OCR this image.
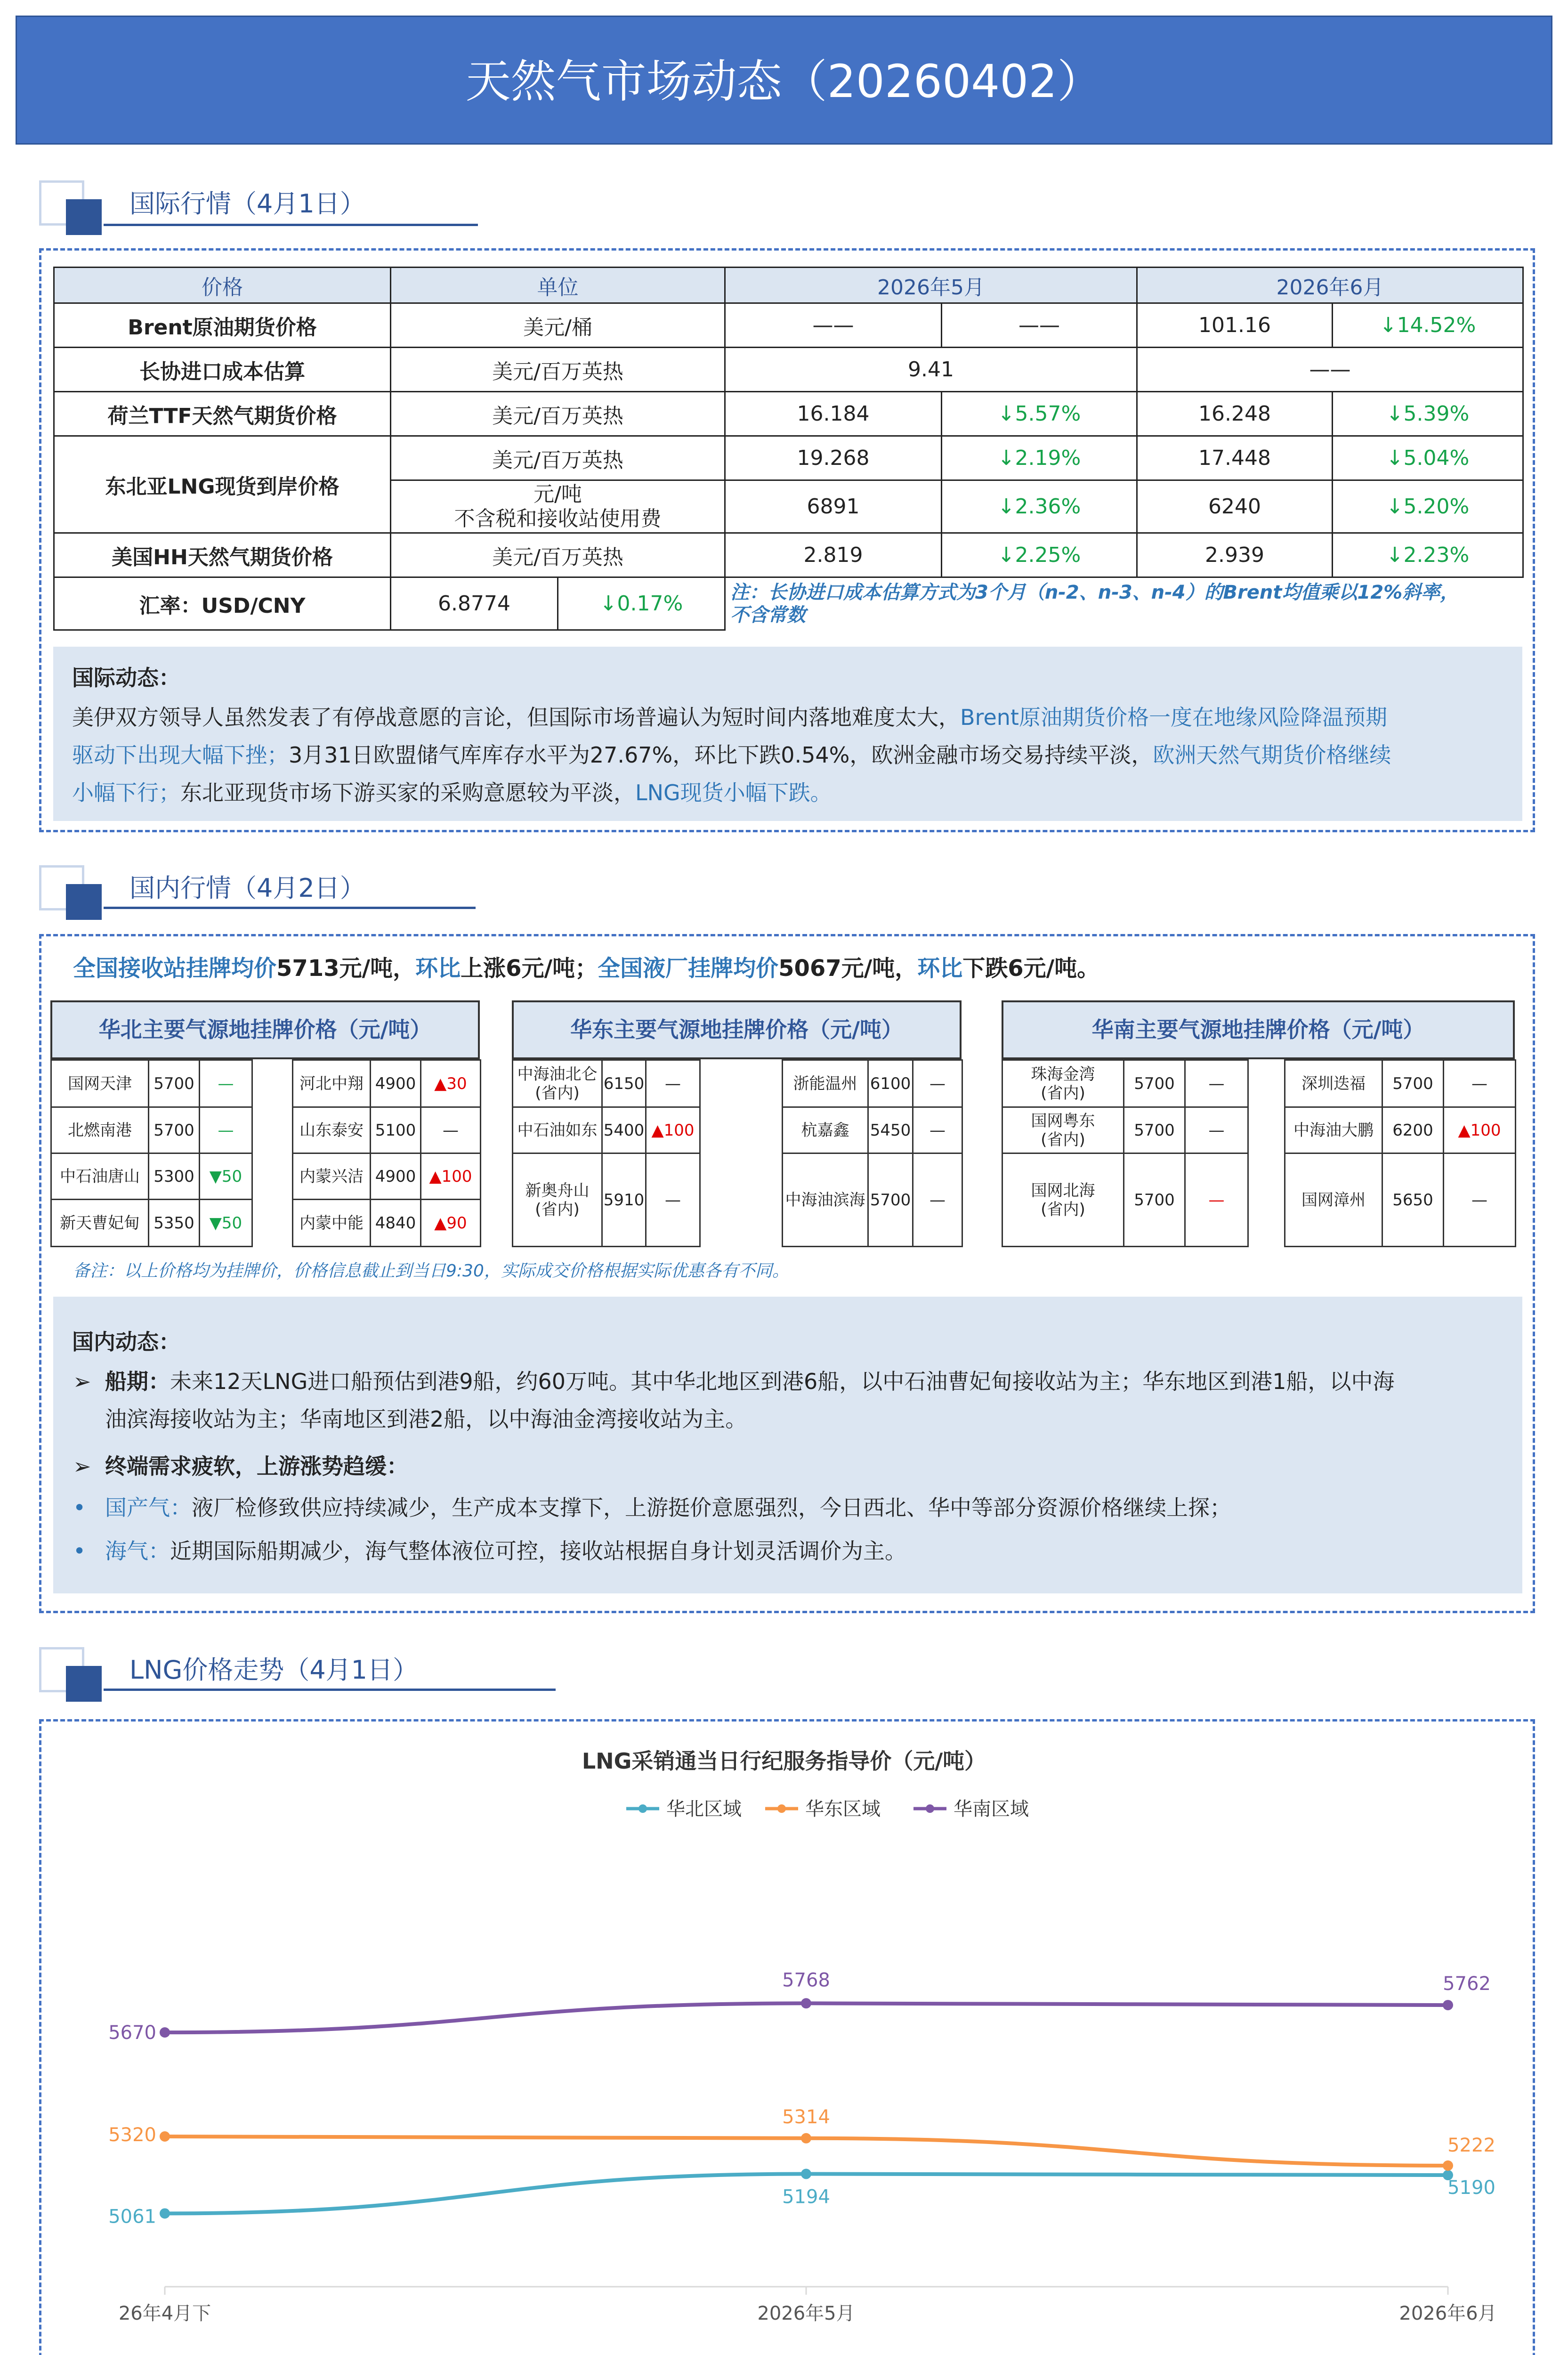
天然气市场动态（20260402）
国际行情（4月1日）
价格	单位		2026年5月		2026年6月	
Brent原油期货价格	美元/桶		——	——	101.16	↓14.52%
长协进口成本估算	美元/百万英热		9.41		——	
荷兰TTF天然气期货价格	美元/百万英热		16.184	↓5.57%	16.248	↓5.39%
东北亚LNG现货到岸价格	美元/百万英热		19.268	↓2.19%	17.448	↓5.04%

	元/吨
不含税和接收站使用费		6891	↓2.36%	6240	↓5.20%
美国HH天然气期货价格	美元/百万英热		2.819	↓2.25%	2.939	↓2.23%
汇率：USD/CNY	6.8774	↓0.17%	注：长协进口成本估算方式为3个月（n-2、n-3、n-4）的Brent均值乘以12%斜率，
不含常数			
国际动态：

美伊双方领导人虽然发表了有停战意愿的言论，但国际市场普遍认为短时间内落地难度太大，Brent原油期货价格一度在地缘风险降温预期

驱动下出现大幅下挫；3月31日欧盟储气库库存水平为27.67%，环比下跌0.54%，欧洲金融市场交易持续平淡，欧洲天然气期货价格继续

小幅下行；东北亚现货市场下游买家的采购意愿较为平淡，LNG现货小幅下跌。

国内行情（4月2日）
全国接收站挂牌均价5713元/吨，环比上涨6元/吨；全国液厂挂牌均价5067元/吨，环比下跌6元/吨。
华北主要气源地挂牌价格（元/吨）
国网天津	5700	—
北燃南港	5700	—
中石油唐山	5300	▼50
新天曹妃甸	5350	▼50
河北中翔	4900	▲30
山东泰安	5100	—
内蒙兴洁	4900	▲100
内蒙中能	4840	▲90
华东主要气源地挂牌价格（元/吨）
中海油北仑
(省内)	6150	—
中石油如东	5400	▲100

新奥舟山
(省内)	5910	—
浙能温州	6100	—
杭嘉鑫	5450	—
中海油滨海	5700	—
华南主要气源地挂牌价格（元/吨）
珠海金湾
(省内)	5700	—

国网粤东
(省内)	5700	—

国网北海
(省内)	5700	—
深圳迭福	5700	—
中海油大鹏	6200	▲100
国网漳州	5650	—
备注：以上价格均为挂牌价，价格信息截止到当日9:30，实际成交价格根据实际优惠各有不同。
国内动态：
➢ 船期：未来12天LNG进口船预估到港9船，约60万吨。其中华北地区到港6船，以中石油曹妃甸接收站为主；华东地区到港1船，以中海
油滨海接收站为主；华南地区到港2船，以中海油金湾接收站为主。
➢ 终端需求疲软，上游涨势趋缓：
• 国产气：液厂检修致供应持续减少，生产成本支撑下，上游挺价意愿强烈，今日西北、华中等部分资源价格继续上探；
• 海气：近期国际船期减少，海气整体液位可控，接收站根据自身计划灵活调价为主。
LNG价格走势（4月1日）
LNG采销通当日行纪服务指导价（元/吨）
华北区域	华东区域	华南区域
26年4月下	2026年5月	2026年6月
5061
5194	5190
5320
5314
5222
5670
5768	5762
